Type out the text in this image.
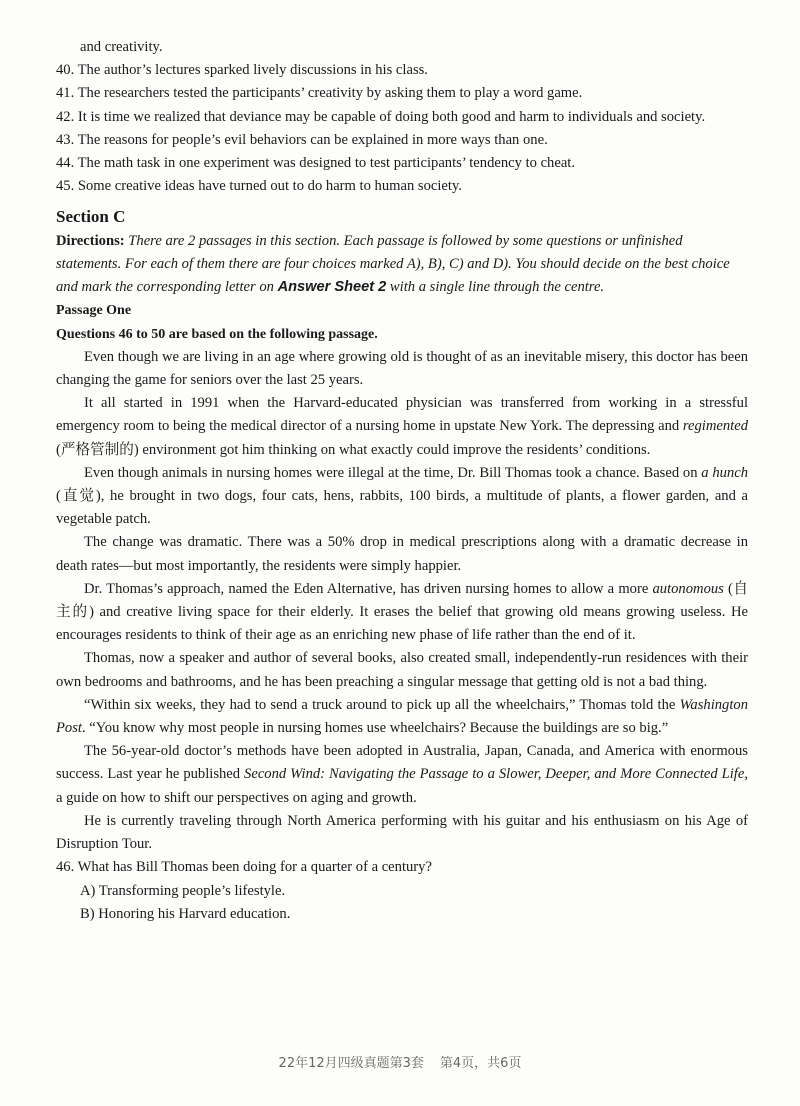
and creativity.
40. The author’s lectures sparked lively discussions in his class.
41. The researchers tested the participants’ creativity by asking them to play a word game.
42. It is time we realized that deviance may be capable of doing both good and harm to individuals and society.
43. The reasons for people’s evil behaviors can be explained in more ways than one.
44. The math task in one experiment was designed to test participants’ tendency to cheat.
45. Some creative ideas have turned out to do harm to human society.
Section C
Directions: There are 2 passages in this section. Each passage is followed by some questions or unfinished statements. For each of them there are four choices marked A), B), C) and D). You should decide on the best choice and mark the corresponding letter on Answer Sheet 2 with a single line through the centre.
Passage One
Questions 46 to 50 are based on the following passage.
Even though we are living in an age where growing old is thought of as an inevitable misery, this doctor has been changing the game for seniors over the last 25 years.
It all started in 1991 when the Harvard-educated physician was transferred from working in a stressful emergency room to being the medical director of a nursing home in upstate New York. The depressing and regimented (严格管制的) environment got him thinking on what exactly could improve the residents’ conditions.
Even though animals in nursing homes were illegal at the time, Dr. Bill Thomas took a chance. Based on a hunch (直觉), he brought in two dogs, four cats, hens, rabbits, 100 birds, a multitude of plants, a flower garden, and a vegetable patch.
The change was dramatic. There was a 50% drop in medical prescriptions along with a dramatic decrease in death rates—but most importantly, the residents were simply happier.
Dr. Thomas’s approach, named the Eden Alternative, has driven nursing homes to allow a more autonomous (自主的) and creative living space for their elderly. It erases the belief that growing old means growing useless. He encourages residents to think of their age as an enriching new phase of life rather than the end of it.
Thomas, now a speaker and author of several books, also created small, independently-run residences with their own bedrooms and bathrooms, and he has been preaching a singular message that getting old is not a bad thing.
“Within six weeks, they had to send a truck around to pick up all the wheelchairs,” Thomas told the Washington Post. “You know why most people in nursing homes use wheelchairs? Because the buildings are so big.”
The 56-year-old doctor’s methods have been adopted in Australia, Japan, Canada, and America with enormous success. Last year he published Second Wind: Navigating the Passage to a Slower, Deeper, and More Connected Life, a guide on how to shift our perspectives on aging and growth.
He is currently traveling through North America performing with his guitar and his enthusiasm on his Age of Disruption Tour.
46. What has Bill Thomas been doing for a quarter of a century?
A) Transforming people’s lifestyle.
B) Honoring his Harvard education.
22年12月四级真题第3套 第4页，共6页
